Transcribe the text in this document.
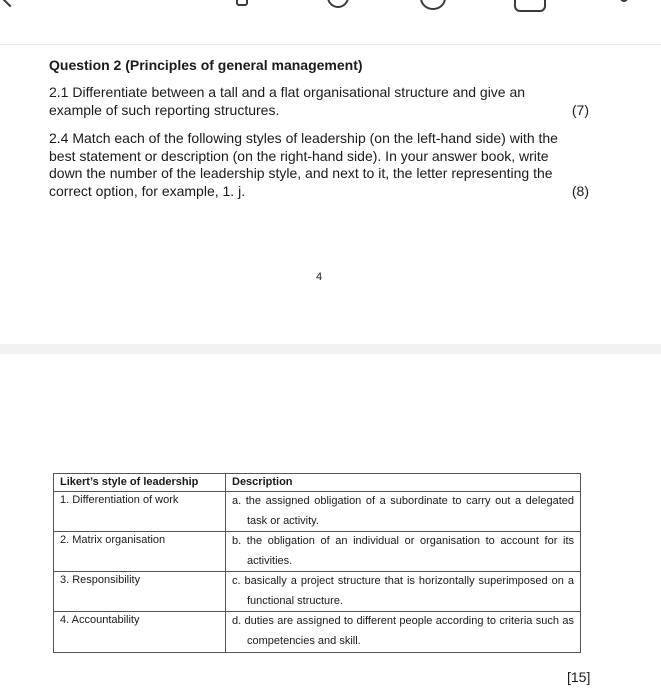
Question 2 (Principles of general management)
2.1 Differentiate between a tall and a flat organisational structure and give an
example of such reporting structures.	(7)
2.4 Match each of the following styles of leadership (on the left-hand side) with the
best statement or description (on the right-hand side). In your answer book, write
down the number of the leadership style, and next to it, the letter representing the
correct option, for example, 1. j.	(8)
4
Likert’s style of leadership	Description
1. Differentiation of work	a. the assigned obligation of a subordinate to carry out a delegated task or activity.

2. Matrix organisation	b. the obligation of an individual or organisation to account for its activities.

3. Responsibility	c. basically a project structure that is horizontally superimposed on a functional structure.

4. Accountability	d. duties are assigned to different people according to criteria such as competencies and skill.
[15]
